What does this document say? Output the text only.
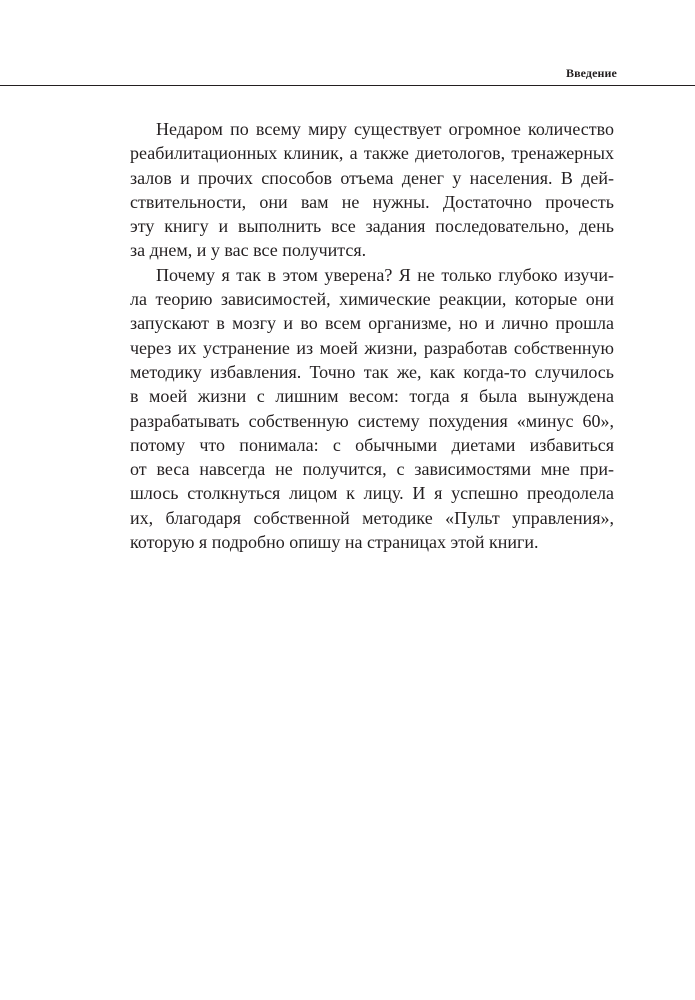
Введение

Недаром по всему миру существует огромное количество
реабилитационных клиник, а также диетологов, тренажерных
залов и прочих способов отъема денег у населения. В дей-
ствительности, они вам не нужны. Достаточно прочесть
эту книгу и выполнить все задания последовательно, день
за днем, и у вас все получится.

Почему я так в этом уверена? Я не только глубоко изучи-
ла теорию зависимостей, химические реакции, которые они
запускают в мозгу и во всем организме, но и лично прошла
через их устранение из моей жизни, разработав собственную
методику избавления. Точно так же, как когда-то случилось
в моей жизни с лишним весом: тогда я была вынуждена
разрабатывать собственную систему похудения «минус 60»,
потому что понимала: с обычными диетами избавиться
от веса навсегда не получится, с зависимостями мне при-
шлось столкнуться лицом к лицу. И я успешно преодолела
их, благодаря собственной методике «Пульт управления»,
которую я подробно опишу на страницах этой книги.
